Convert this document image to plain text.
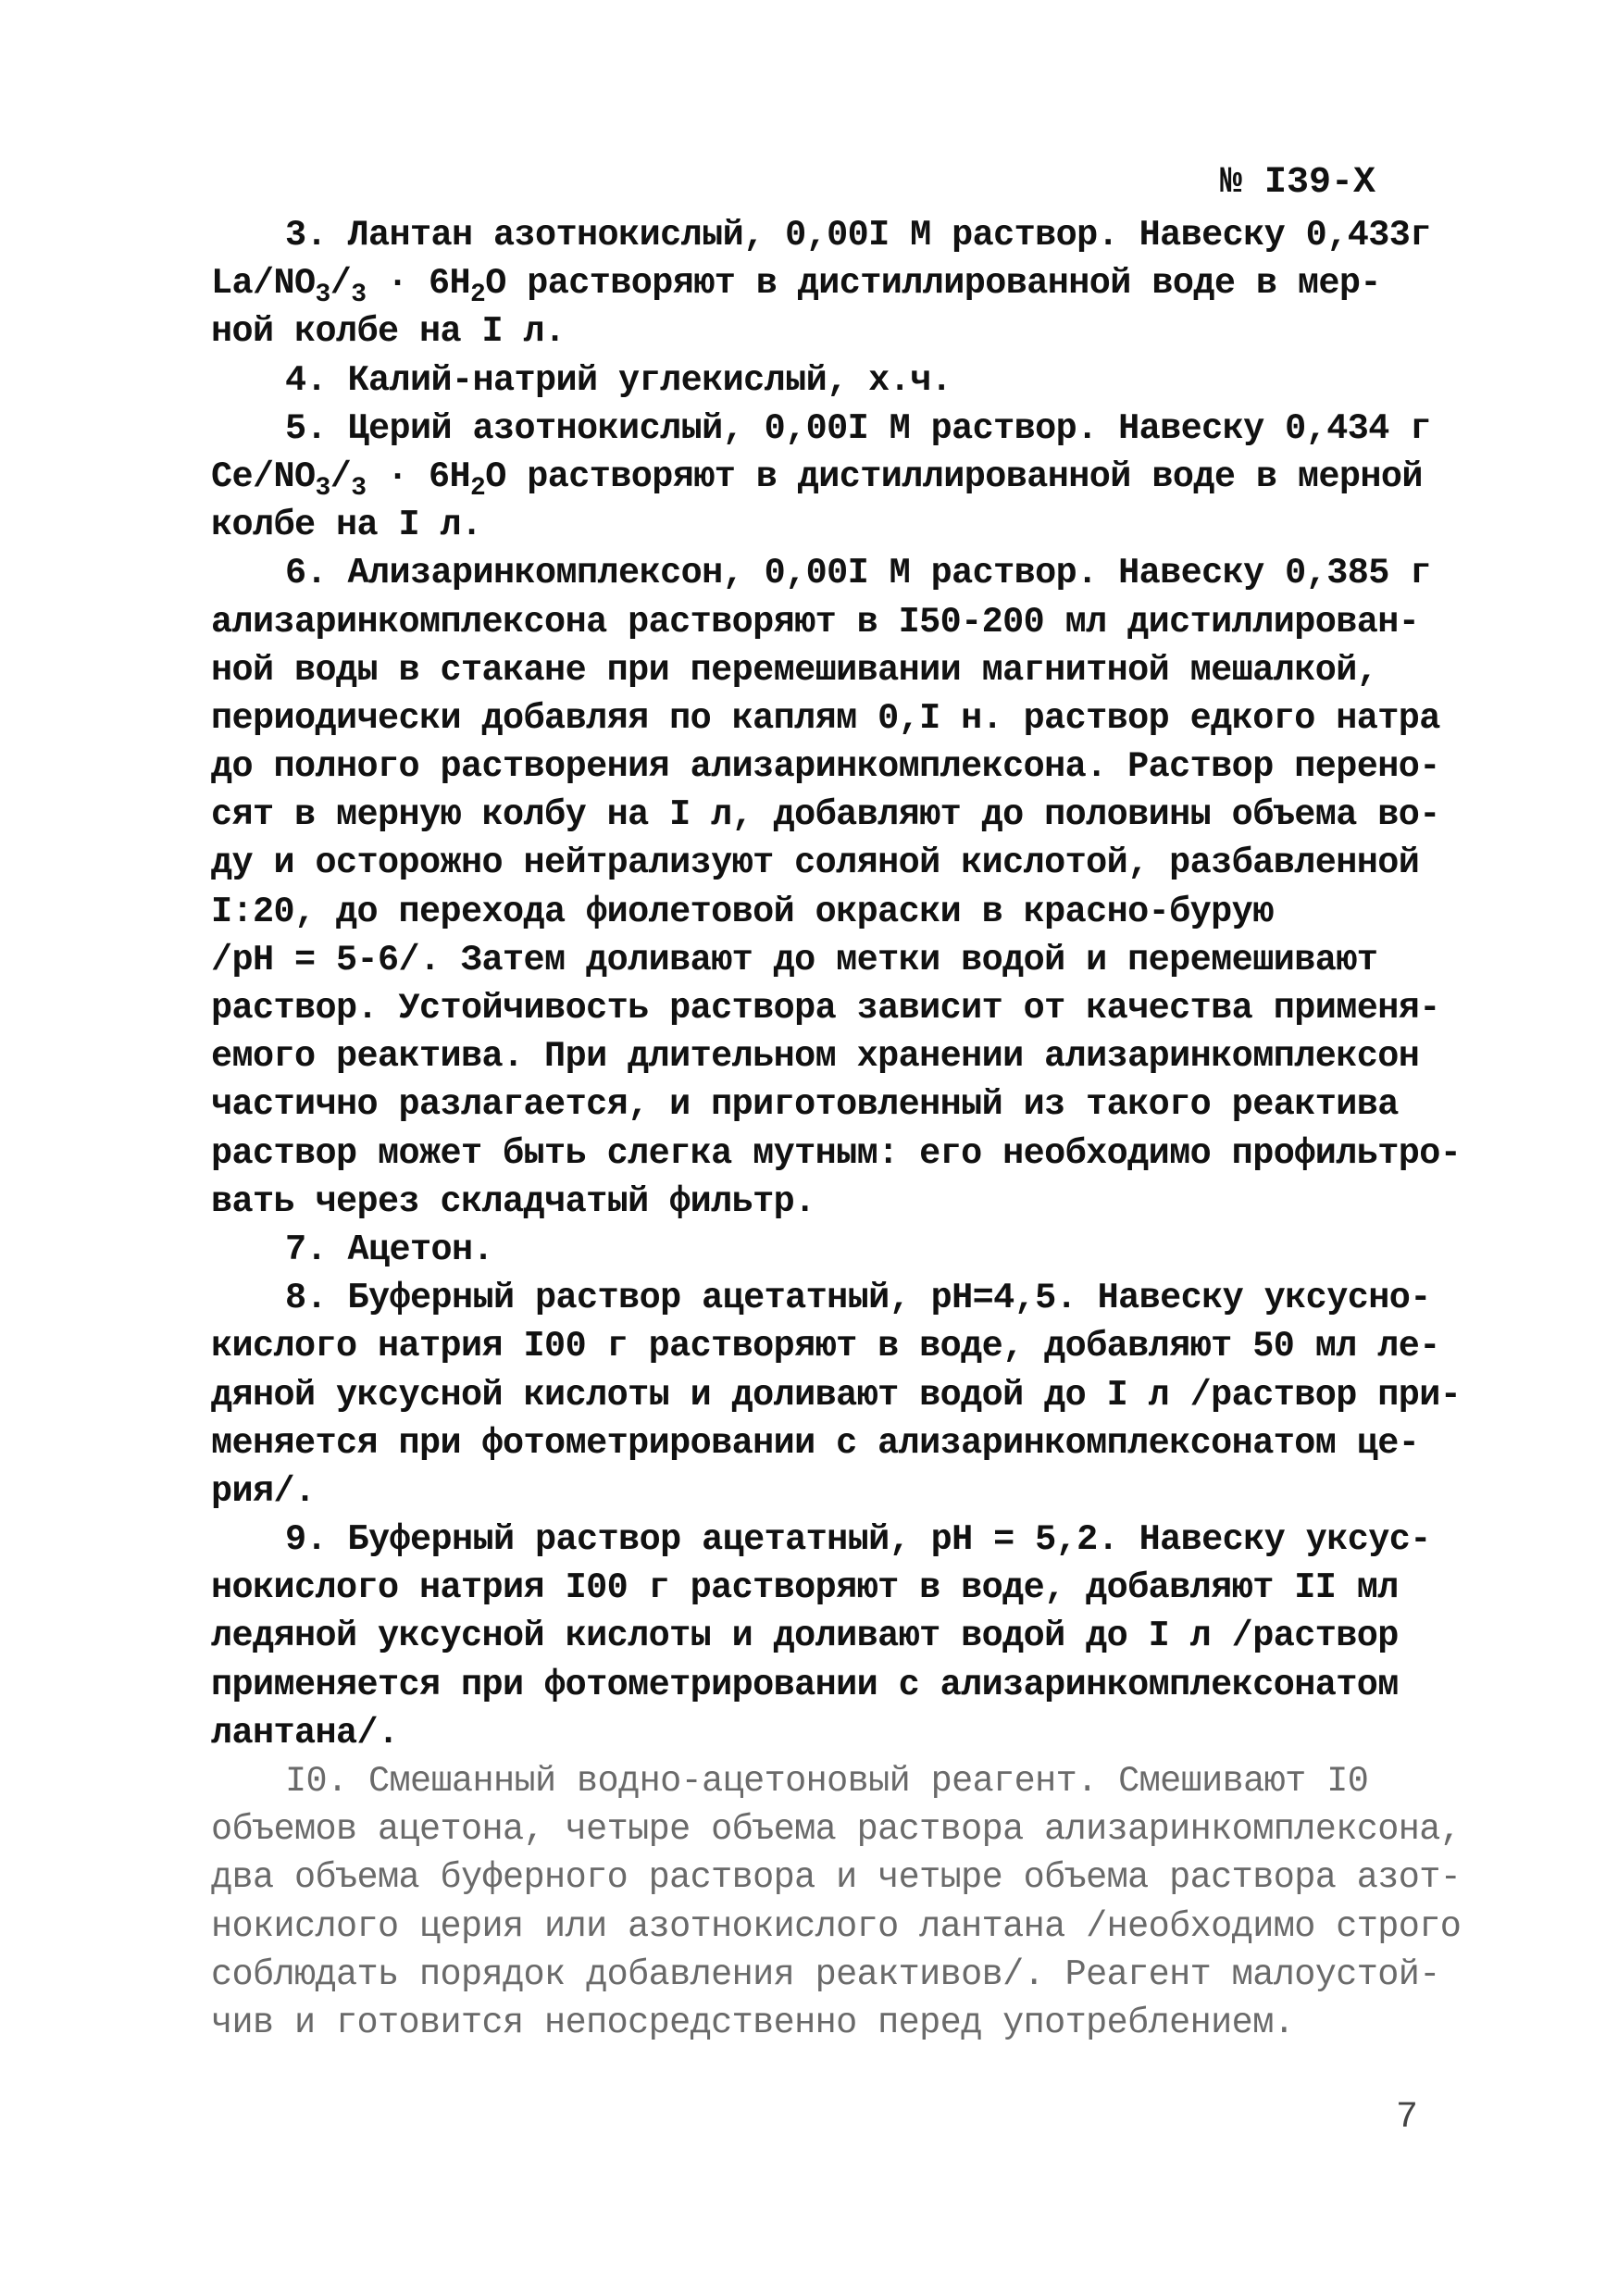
№ I39-X
3. Лантан азотнокислый, 0,00I M раствор. Навеску 0,433г
$La/NO_3/_3 \cdot 6H_2O$ растворяют в дистиллированной воде в мер-
ной колбе на I л.
4. Калий-натрий углекислый, х.ч.
5. Церий азотнокислый, 0,00I M раствор. Навеску 0,434 г
$Ce/NO_3/_3 \cdot 6H_2O$ растворяют в дистиллированной воде в мерной
колбе на I л.
6. Ализаринкомплексон, 0,00I M раствор. Навеску 0,385 г
ализаринкомплексона растворяют в I50-200 мл дистиллирован-
ной воды в стакане при перемешивании магнитной мешалкой,
периодически добавляя по каплям 0,I н. раствор едкого натра
до полного растворения ализаринкомплексона. Раствор перено-
сят в мерную колбу на I л, добавляют до половины объема во-
ду и осторожно нейтрализуют соляной кислотой, разбавленной
I:20, до перехода фиолетовой окраски в красно-бурую
/pH = 5-6/. Затем доливают до метки водой и перемешивают
раствор. Устойчивость раствора зависит от качества применя-
емого реактива. При длительном хранении ализаринкомплексон
частично разлагается, и приготовленный из такого реактива
раствор может быть слегка мутным: его необходимо профильтро-
вать через складчатый фильтр.
7. Ацетон.
8. Буферный раствор ацетатный, pH=4,5. Навеску уксусно-
кислого натрия I00 г растворяют в воде, добавляют 50 мл ле-
дяной уксусной кислоты и доливают водой до I л /раствор при-
меняется при фотометрировании с ализаринкомплексонатом це-
рия/.
9. Буферный раствор ацетатный, pH = 5,2. Навеску уксус-
нокислого натрия I00 г растворяют в воде, добавляют II мл
ледяной уксусной кислоты и доливают водой до I л /раствор
применяется при фотометрировании с ализаринкомплексонатом
лантана/.
I0. Смешанный водно-ацетоновый реагент. Смешивают I0
объемов ацетона, четыре объема раствора ализаринкомплексона,
два объема буферного раствора и четыре объема раствора азот-
нокислого церия или азотнокислого лантана /необходимо строго
соблюдать порядок добавления реактивов/. Реагент малоустой-
чив и готовится непосредственно перед употреблением.
7
